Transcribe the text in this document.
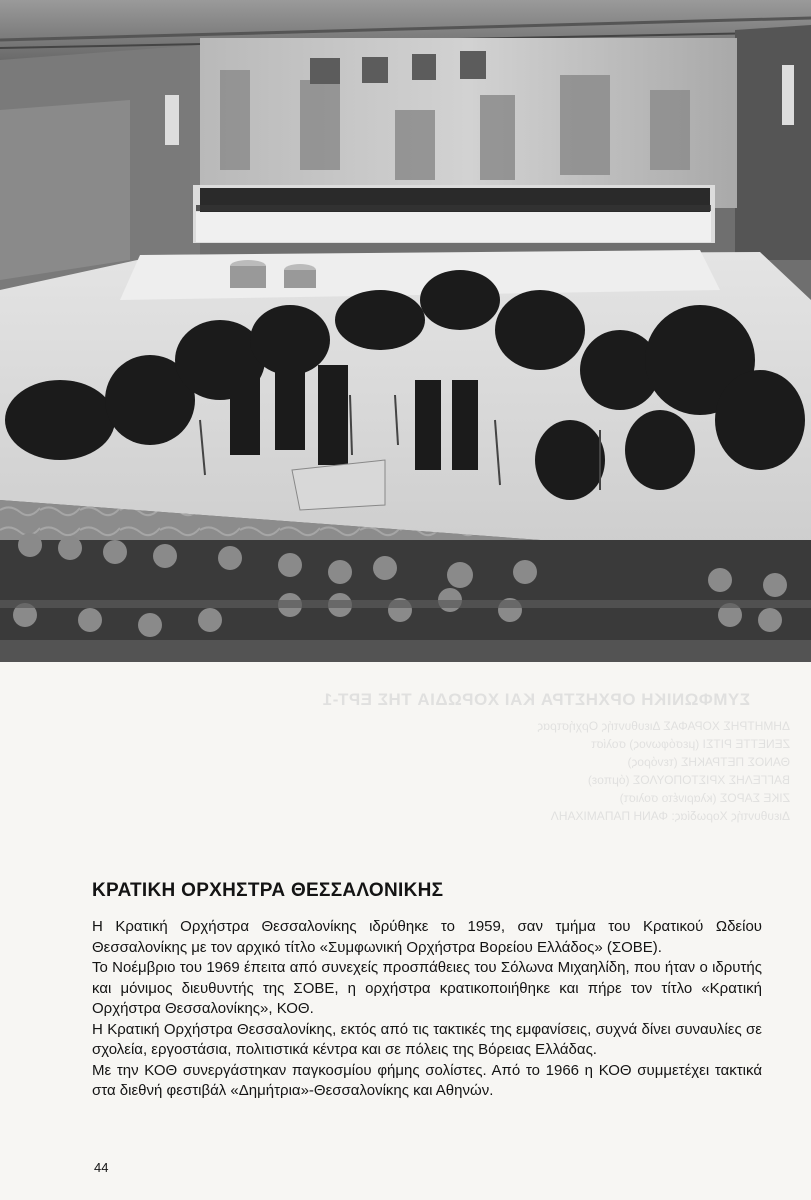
ΣΥΜΦΩΝΙΚΗ ΟΡΧΗΣΤΡΑ ΚΑΙ ΧΟΡΩΔΙΑ ΤΗΣ ΕΡΤ-1
ΔΗΜΗΤΡΗΣ ΧΟΡΑΦΑΣ Διευθυντής Ορχήστρας
ΖΕΝΕΤΤΕ ΡΙΤΣΙ (μεσόφωνος) σολίστ
ΘΑΝΟΣ ΠΕΤΡΑΚΗΣ (τενόρος)
ΒΑΓΓΕΛΗΣ ΧΡΙΣΤΟΠΟΥΛΟΣ (όμποε)
ΖΙΚΕ ΣΑΡΟΣ (κλαρινέτο σολιστ)
Διευθυντής Χορωδίας: ΦΑΝΗ ΠΑΠΑΜΙΧΑΗΛ
ΚΡΑΤΙΚΗ ΟΡΧΗΣΤΡΑ ΘΕΣΣΑΛΟΝΙΚΗΣ

Η Κρατική Ορχήστρα Θεσσαλονίκης ιδρύθηκε το 1959, σαν τμήμα του Κρατικού Ωδείου Θεσσαλονίκης με τον αρχικό τίτλο «Συμφωνική Ορχήστρα Βορείου Ελλάδος» (ΣΟΒΕ).

Το Νοέμβριο του 1969 έπειτα από συνεχείς προσπάθειες του Σόλωνα Μιχαηλίδη, που ήταν ο ιδρυτής και μόνιμος διευθυντής της ΣΟΒΕ, η ορχήστρα κρατικοποιήθηκε και πήρε τον τίτλο «Κρατική Ορχήστρα Θεσσαλονίκης», ΚΟΘ.

Η Κρατική Ορχήστρα Θεσσαλονίκης, εκτός από τις τακτικές της εμφανίσεις, συχνά δίνει συναυλίες σε σχολεία, εργοστάσια, πολιτιστικά κέντρα και σε πόλεις της Βόρειας Ελλάδας.

Με την ΚΟΘ συνεργάστηκαν παγκοσμίου φήμης σολίστες. Από το 1966 η ΚΟΘ συμμετέχει τακτικά στα διεθνή φεστιβάλ «Δημήτρια»-Θεσσαλονίκης και Αθηνών.

44
